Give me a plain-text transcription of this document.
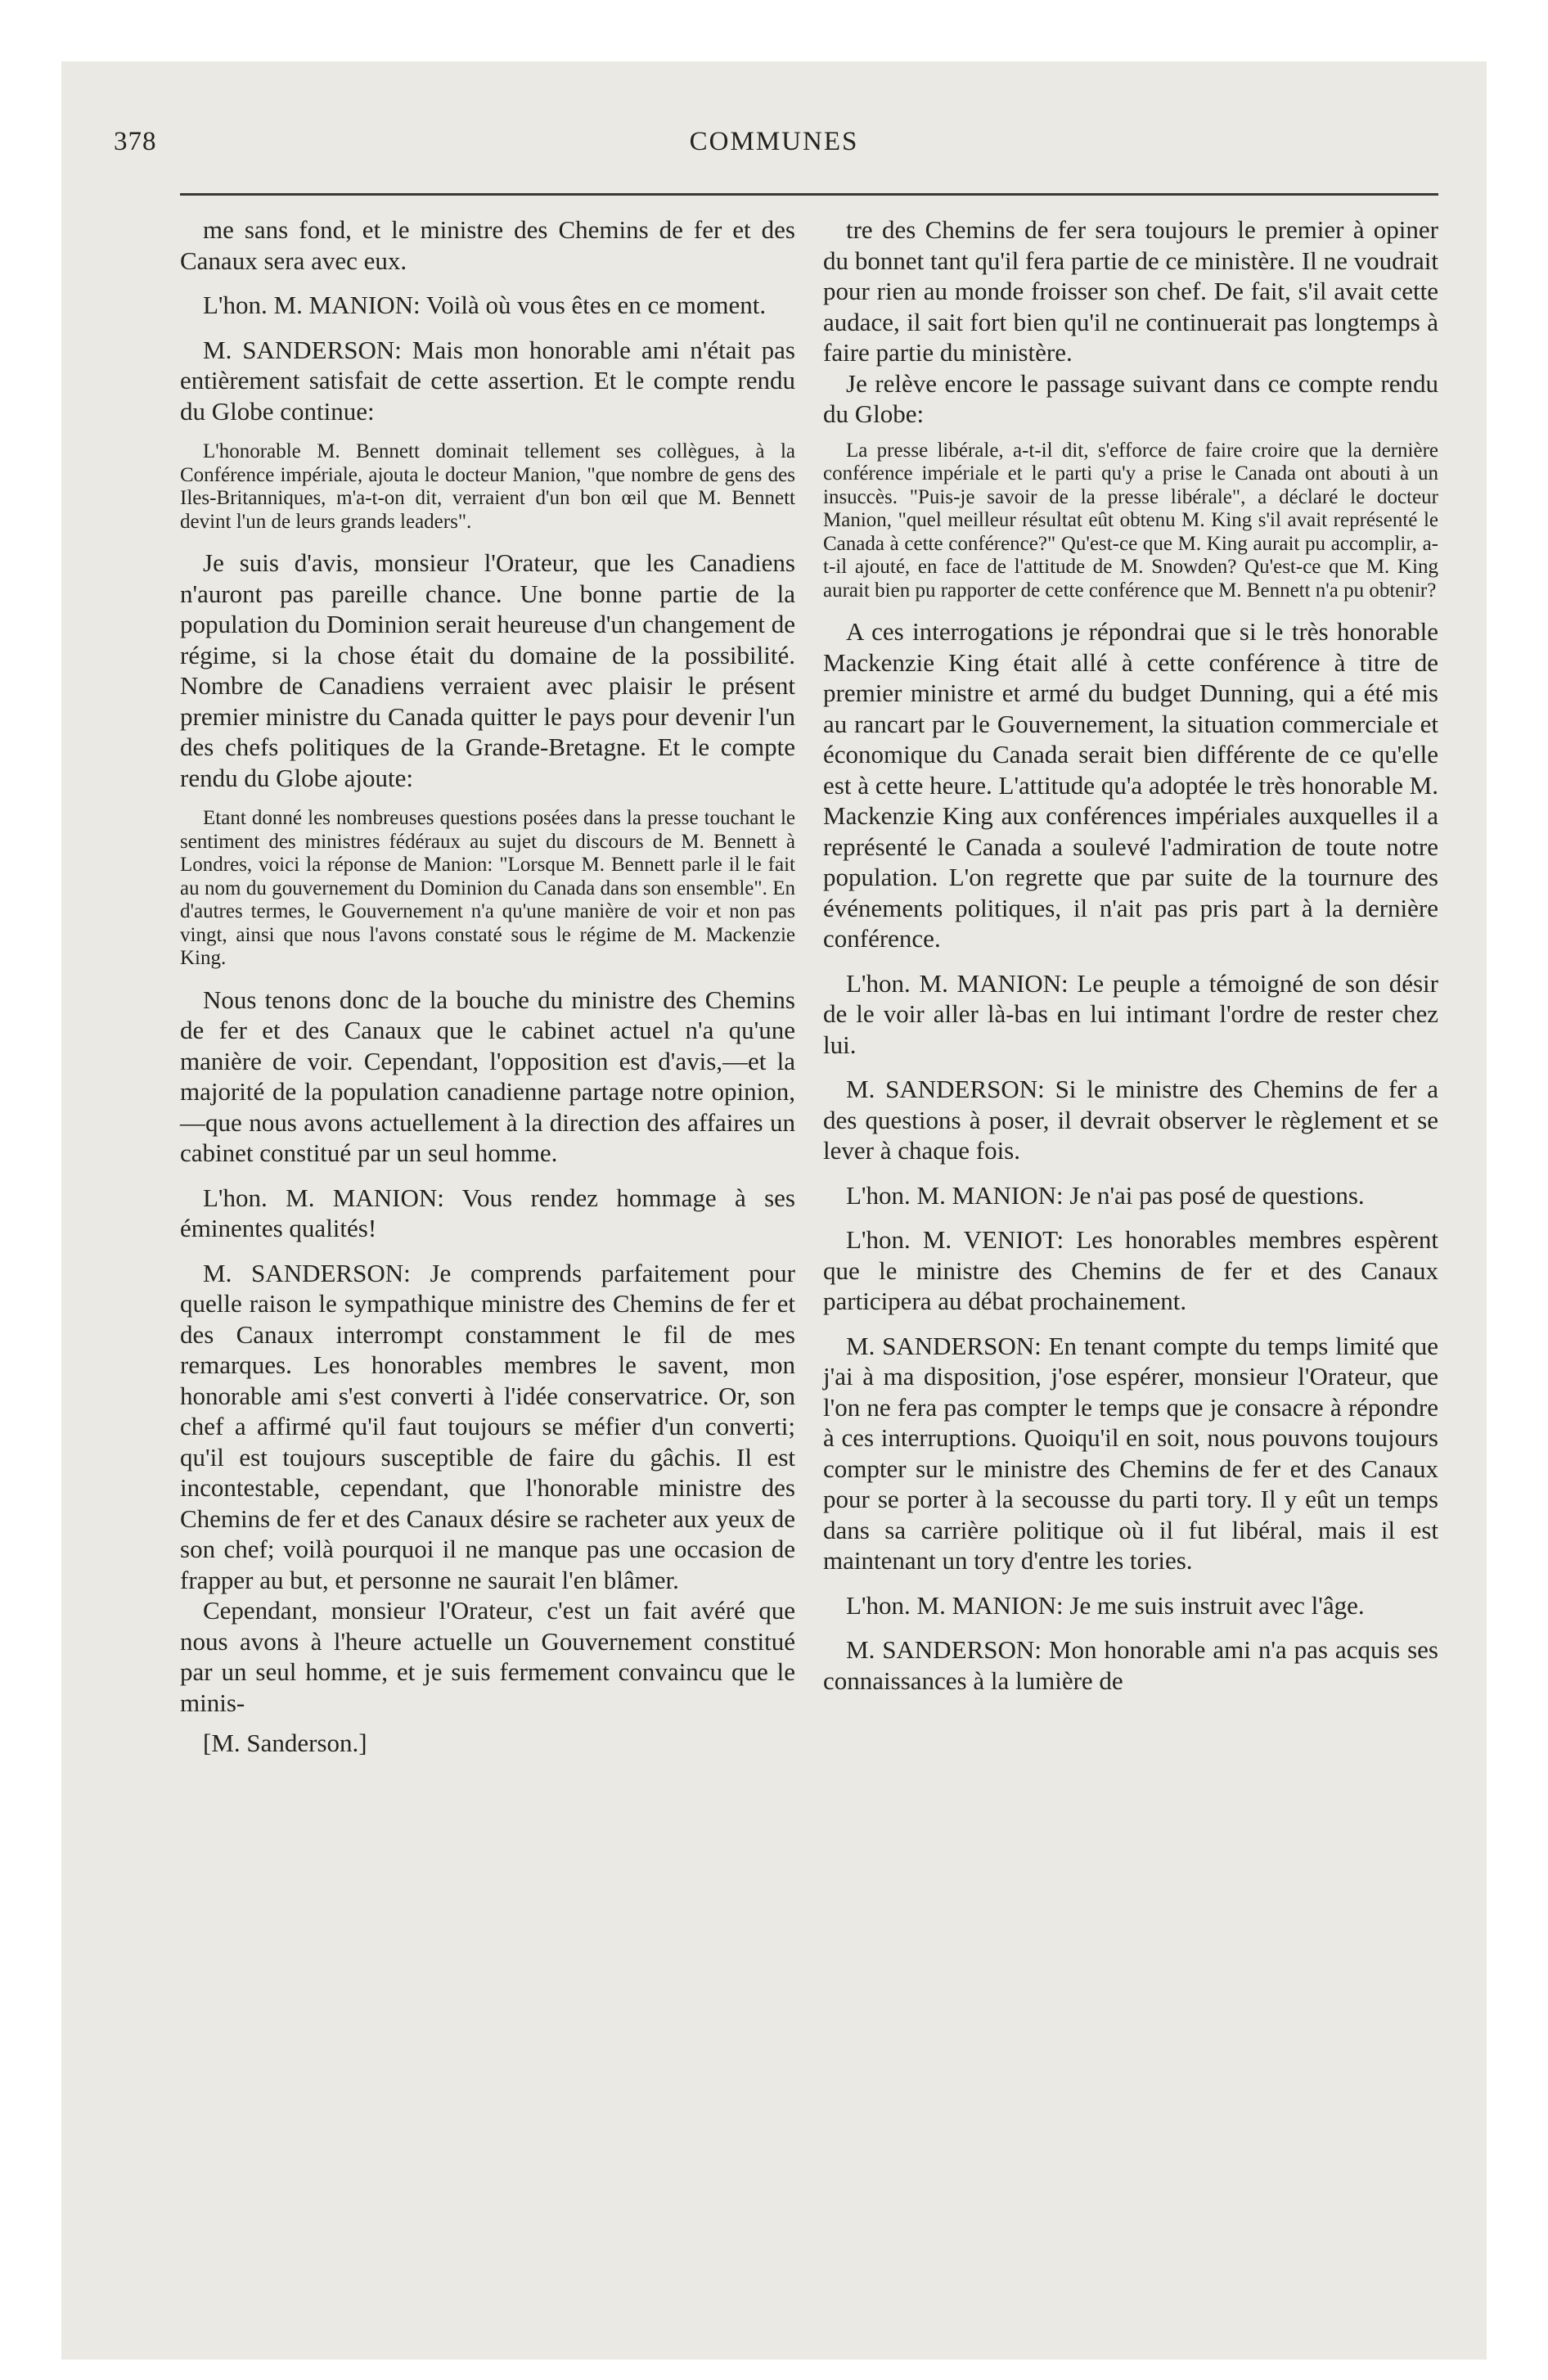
378	COMMUNES

me sans fond, et le ministre des Chemins de fer et des Canaux sera avec eux.

L'hon. M. MANION: Voilà où vous êtes en ce moment.

M. SANDERSON: Mais mon honorable ami n'était pas entièrement satisfait de cette assertion. Et le compte rendu du Globe continue:

L'honorable M. Bennett dominait tellement ses collègues, à la Conférence impériale, ajouta le docteur Manion, "que nombre de gens des Iles-Britanniques, m'a-t-on dit, verraient d'un bon œil que M. Bennett devint l'un de leurs grands leaders".

Je suis d'avis, monsieur l'Orateur, que les Canadiens n'auront pas pareille chance. Une bonne partie de la population du Dominion serait heureuse d'un changement de régime, si la chose était du domaine de la possibilité. Nombre de Canadiens verraient avec plaisir le présent premier ministre du Canada quitter le pays pour devenir l'un des chefs politiques de la Grande-Bretagne. Et le compte rendu du Globe ajoute:

Etant donné les nombreuses questions posées dans la presse touchant le sentiment des ministres fédéraux au sujet du discours de M. Bennett à Londres, voici la réponse de Manion: "Lorsque M. Bennett parle il le fait au nom du gouvernement du Dominion du Canada dans son ensemble". En d'autres termes, le Gouvernement n'a qu'une manière de voir et non pas vingt, ainsi que nous l'avons constaté sous le régime de M. Mackenzie King.

Nous tenons donc de la bouche du ministre des Chemins de fer et des Canaux que le cabinet actuel n'a qu'une manière de voir. Cependant, l'opposition est d'avis,—et la majorité de la population canadienne partage notre opinion,—que nous avons actuellement à la direction des affaires un cabinet constitué par un seul homme.

L'hon. M. MANION: Vous rendez hommage à ses éminentes qualités!

M. SANDERSON: Je comprends parfaitement pour quelle raison le sympathique ministre des Chemins de fer et des Canaux interrompt constamment le fil de mes remarques. Les honorables membres le savent, mon honorable ami s'est converti à l'idée conservatrice. Or, son chef a affirmé qu'il faut toujours se méfier d'un converti; qu'il est toujours susceptible de faire du gâchis. Il est incontestable, cependant, que l'honorable ministre des Chemins de fer et des Canaux désire se racheter aux yeux de son chef; voilà pourquoi il ne manque pas une occasion de frapper au but, et personne ne saurait l'en blâmer.

Cependant, monsieur l'Orateur, c'est un fait avéré que nous avons à l'heure actuelle un Gouvernement constitué par un seul homme, et je suis fermement convaincu que le minis-

[M. Sanderson.]

tre des Chemins de fer sera toujours le premier à opiner du bonnet tant qu'il fera partie de ce ministère. Il ne voudrait pour rien au monde froisser son chef. De fait, s'il avait cette audace, il sait fort bien qu'il ne continuerait pas longtemps à faire partie du ministère.

Je relève encore le passage suivant dans ce compte rendu du Globe:

La presse libérale, a-t-il dit, s'efforce de faire croire que la dernière conférence impériale et le parti qu'y a prise le Canada ont abouti à un insuccès. "Puis-je savoir de la presse libérale", a déclaré le docteur Manion, "quel meilleur résultat eût obtenu M. King s'il avait représenté le Canada à cette conférence?" Qu'est-ce que M. King aurait pu accomplir, a-t-il ajouté, en face de l'attitude de M. Snowden? Qu'est-ce que M. King aurait bien pu rapporter de cette conférence que M. Bennett n'a pu obtenir?

A ces interrogations je répondrai que si le très honorable Mackenzie King était allé à cette conférence à titre de premier ministre et armé du budget Dunning, qui a été mis au rancart par le Gouvernement, la situation commerciale et économique du Canada serait bien différente de ce qu'elle est à cette heure. L'attitude qu'a adoptée le très honorable M. Mackenzie King aux conférences impériales auxquelles il a représenté le Canada a soulevé l'admiration de toute notre population. L'on regrette que par suite de la tournure des événements politiques, il n'ait pas pris part à la dernière conférence.

L'hon. M. MANION: Le peuple a témoigné de son désir de le voir aller là-bas en lui intimant l'ordre de rester chez lui.

M. SANDERSON: Si le ministre des Chemins de fer a des questions à poser, il devrait observer le règlement et se lever à chaque fois.

L'hon. M. MANION: Je n'ai pas posé de questions.

L'hon. M. VENIOT: Les honorables membres espèrent que le ministre des Chemins de fer et des Canaux participera au débat prochainement.

M. SANDERSON: En tenant compte du temps limité que j'ai à ma disposition, j'ose espérer, monsieur l'Orateur, que l'on ne fera pas compter le temps que je consacre à répondre à ces interruptions. Quoiqu'il en soit, nous pouvons toujours compter sur le ministre des Chemins de fer et des Canaux pour se porter à la secousse du parti tory. Il y eût un temps dans sa carrière politique où il fut libéral, mais il est maintenant un tory d'entre les tories.

L'hon. M. MANION: Je me suis instruit avec l'âge.

M. SANDERSON: Mon honorable ami n'a pas acquis ses connaissances à la lumière de
